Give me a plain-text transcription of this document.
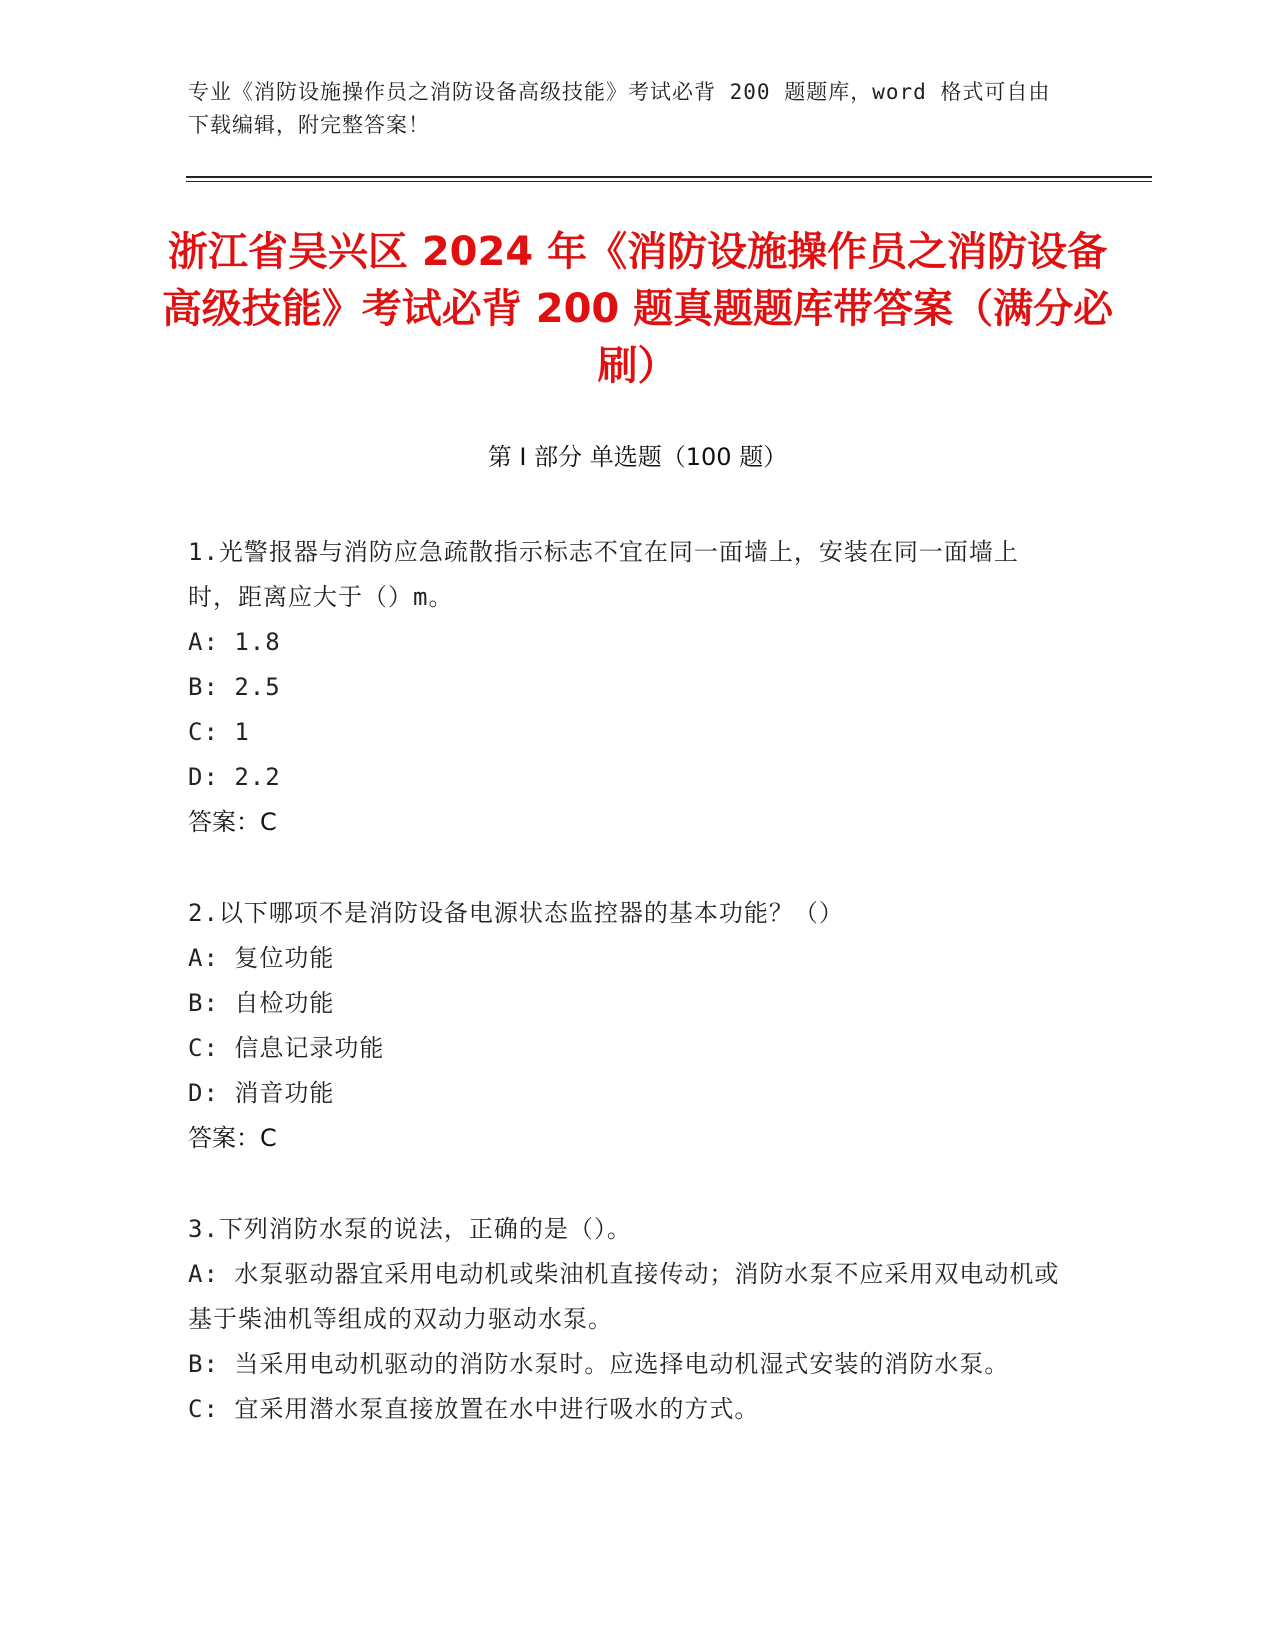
专业《消防设施操作员之消防设备高级技能》考试必背 200 题题库，word 格式可自由下载编辑，附完整答案！
浙江省吴兴区 2024 年《消防设施操作员之消防设备高级技能》考试必背 200 题真题题库带答案（满分必刷）
第 I 部分 单选题（100 题）

1.光警报器与消防应急疏散指示标志不宜在同一面墙上，安装在同一面墙上时，距离应大于（）m。

A: 1.8

B: 2.5

C: 1

D: 2.2

答案：C

2.以下哪项不是消防设备电源状态监控器的基本功能？（）

A: 复位功能

B: 自检功能

C: 信息记录功能

D: 消音功能

答案：C

3.下列消防水泵的说法，正确的是（）。

A: 水泵驱动器宜采用电动机或柴油机直接传动；消防水泵不应采用双电动机或基于柴油机等组成的双动力驱动水泵。

B: 当采用电动机驱动的消防水泵时。应选择电动机湿式安装的消防水泵。

C: 宜采用潜水泵直接放置在水中进行吸水的方式。
